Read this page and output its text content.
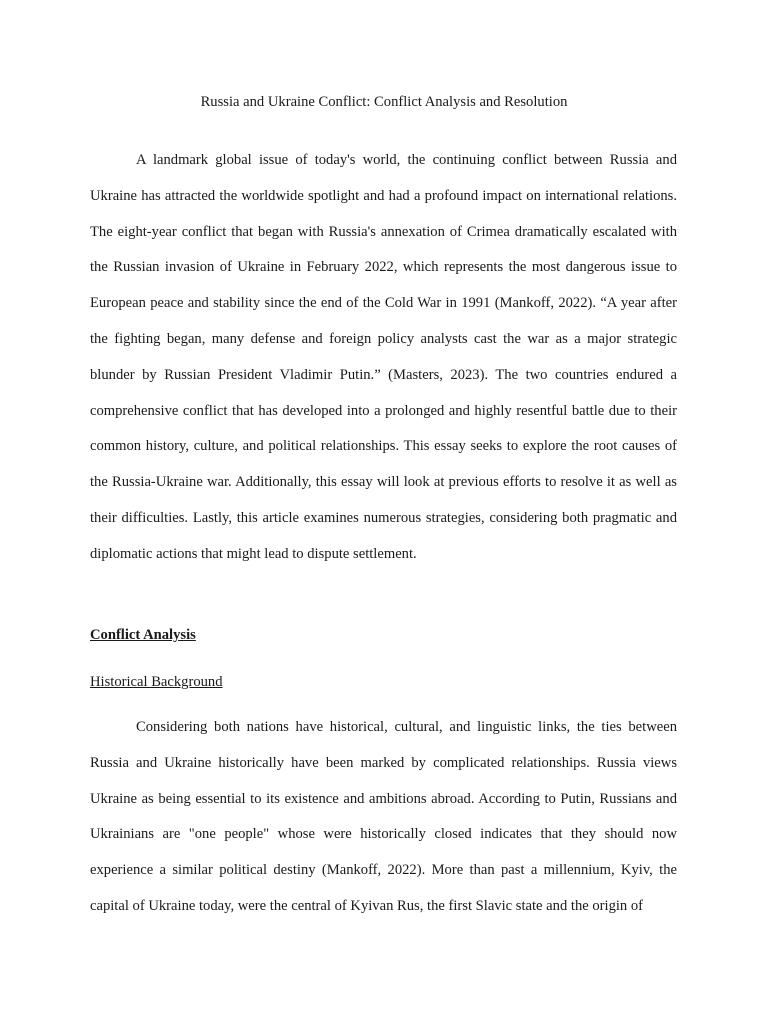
Russia and Ukraine Conflict: Conflict Analysis and Resolution

A landmark global issue of today's world, the continuing conflict between Russia and Ukraine has attracted the worldwide spotlight and had a profound impact on international relations. The eight-year conflict that began with Russia's annexation of Crimea dramatically escalated with the Russian invasion of Ukraine in February 2022, which represents the most dangerous issue to European peace and stability since the end of the Cold War in 1991 (Mankoff, 2022). “A year after the fighting began, many defense and foreign policy analysts cast the war as a major strategic blunder by Russian President Vladimir Putin.” (Masters, 2023). The two countries endured a comprehensive conflict that has developed into a prolonged and highly resentful battle due to their common history, culture, and political relationships. This essay seeks to explore the root causes of the Russia-Ukraine war. Additionally, this essay will look at previous efforts to resolve it as well as their difficulties. Lastly, this article examines numerous strategies, considering both pragmatic and diplomatic actions that might lead to dispute settlement.

Conflict Analysis
Historical Background

Considering both nations have historical, cultural, and linguistic links, the ties between Russia and Ukraine historically have been marked by complicated relationships. Russia views Ukraine as being essential to its existence and ambitions abroad. According to Putin, Russians and Ukrainians are "one people" whose were historically closed indicates that they should now experience a similar political destiny (Mankoff, 2022). More than past a millennium, Kyiv, the capital of Ukraine today, were the central of Kyivan Rus, the first Slavic state and the origin of
